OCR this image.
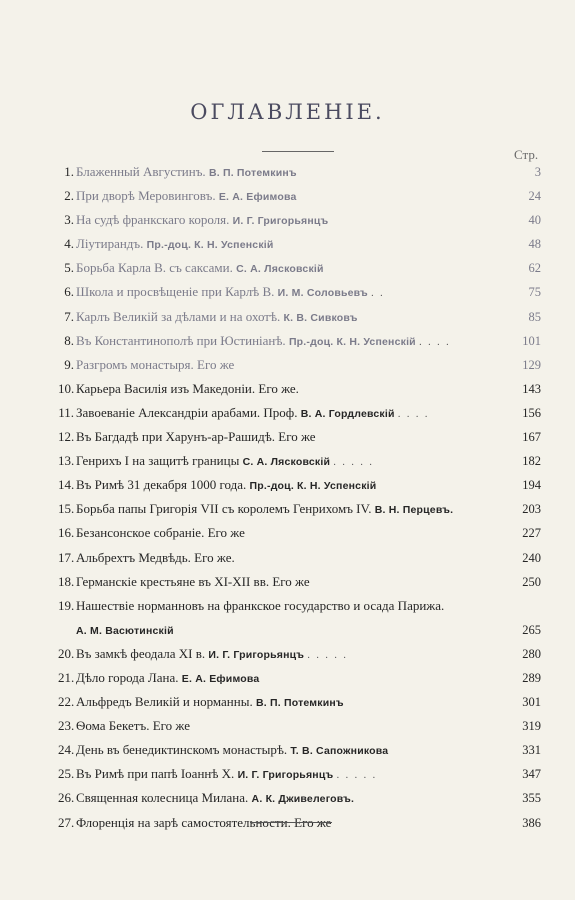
ОГЛАВЛЕНІЕ.
Стр.
1. Блаженный Августинъ. В. П. Потемкинъ	3
2. При дворѣ Меровинговъ. Е. А. Ефимова	24
3. На судѣ франкскаго короля. И. Г. Григорьянцъ	40
4. Ліутирандъ. Пр.-доц. К. Н. Успенскій	48
5. Борьба Карла В. съ саксами. С. А. Лясковскій	62
6. Школа и просвѣщеніе при Карлѣ В. И. М. Соловьевъ . .	75
7. Карлъ Великій за дѣлами и на охотѣ. К. В. Сивковъ	85
8. Въ Константинополѣ при Юстиніанѣ. Пр.-доц. К. Н. Успенскій . . . .	101
9. Разгромъ монастыря. Его же	129
10. Карьера Василія изъ Македоніи. Его же.	143
11. Завоеваніе Александріи арабами. Проф. В. А. Гордлевскій . . . .	156
12. Въ Багдадѣ при Харунъ-ар-Рашидѣ. Его же	167
13. Генрихъ I на защитѣ границы С. А. Лясковскій . . . . .	182
14. Въ Римѣ 31 декабря 1000 года. Пр.-доц. К. Н. Успенскій	194
15. Борьба папы Григорія VII съ королемъ Генрихомъ IV. В. Н. Перцевъ.	203
16. Безансонское собраніе. Его же	227
17. Альбрехтъ Медвѣдь. Его же.	240
18. Германскіе крестьяне въ XI-XII вв. Его же	250
19. Нашествіе норманновъ на франкское государство и осада Парижа.
А. М. Васютинскій	265
20. Въ замкѣ феодала XI в. И. Г. Григорьянцъ . . . . .	280
21. Дѣло города Лана. Е. А. Ефимова	289
22. Альфредъ Великій и норманны. В. П. Потемкинъ	301
23. Ѳома Бекетъ. Его же	319
24. День въ бенедиктинскомъ монастырѣ. Т. В. Сапожникова	331
25. Въ Римѣ при папѣ Іоаннѣ X. И. Г. Григорьянцъ . . . . .	347
26. Священная колесница Милана. А. К. Дживелеговъ.	355
27. Флоренція на зарѣ самостоятельности. Его же	386
